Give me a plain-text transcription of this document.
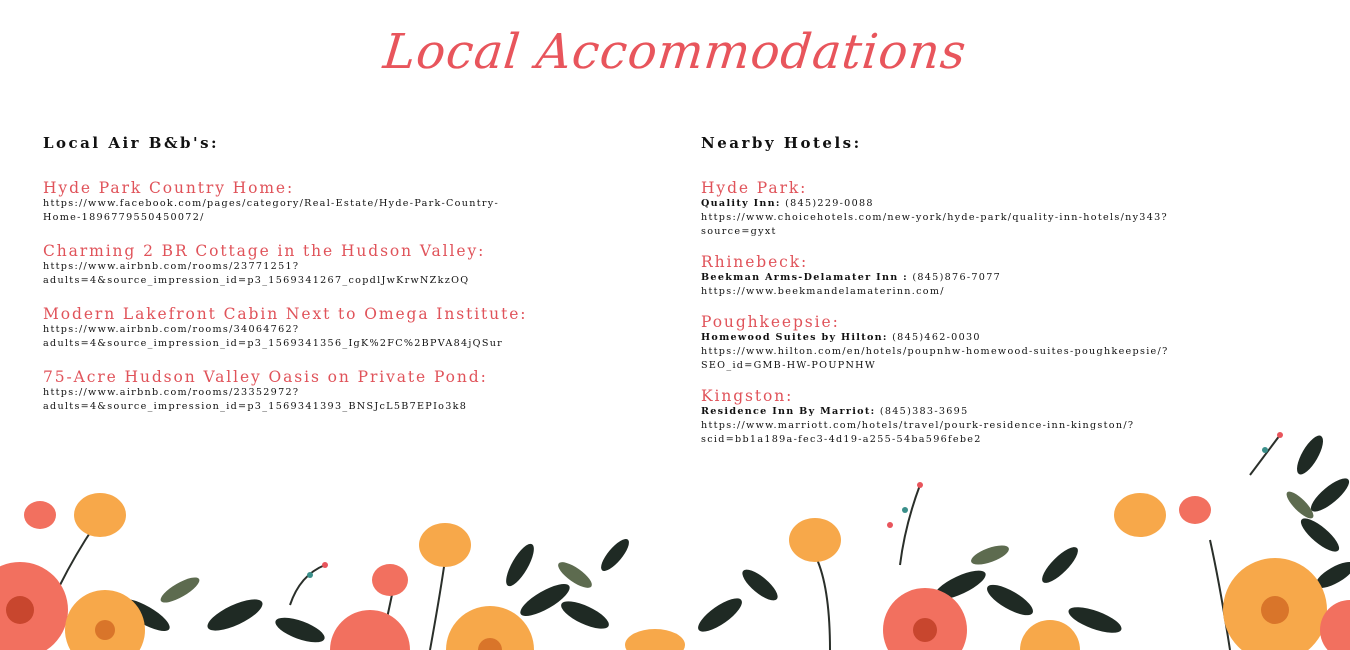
Local Accommodations
Local Air B&b's:
Hyde Park Country Home:
https://www.facebook.com/pages/category/Real-Estate/Hyde-Park-Country-
Home-1896779550450072/
Charming 2 BR Cottage in the Hudson Valley:
https://www.airbnb.com/rooms/23771251?
adults=4&source_impression_id=p3_1569341267_copdlJwKrwNZkzOQ
Modern Lakefront Cabin Next to Omega Institute:
https://www.airbnb.com/rooms/34064762?
adults=4&source_impression_id=p3_1569341356_IgK%2FC%2BPVA84jQSur
75-Acre Hudson Valley Oasis on Private Pond:
https://www.airbnb.com/rooms/23352972?
adults=4&source_impression_id=p3_1569341393_BNSJcL5B7EPIo3k8
Nearby Hotels:
Hyde Park:
Quality Inn: (845)229-0088
https://www.choicehotels.com/new-york/hyde-park/quality-inn-hotels/ny343?
source=gyxt
Rhinebeck:
Beekman Arms-Delamater Inn : (845)876-7077
https://www.beekmandelamaterinn.com/
Poughkeepsie:
Homewood Suites by Hilton: (845)462-0030
https://www.hilton.com/en/hotels/poupnhw-homewood-suites-poughkeepsie/?
SEO_id=GMB-HW-POUPNHW
Kingston:
Residence Inn By Marriot: (845)383-3695
https://www.marriott.com/hotels/travel/pourk-residence-inn-kingston/?
scid=bb1a189a-fec3-4d19-a255-54ba596febe2
